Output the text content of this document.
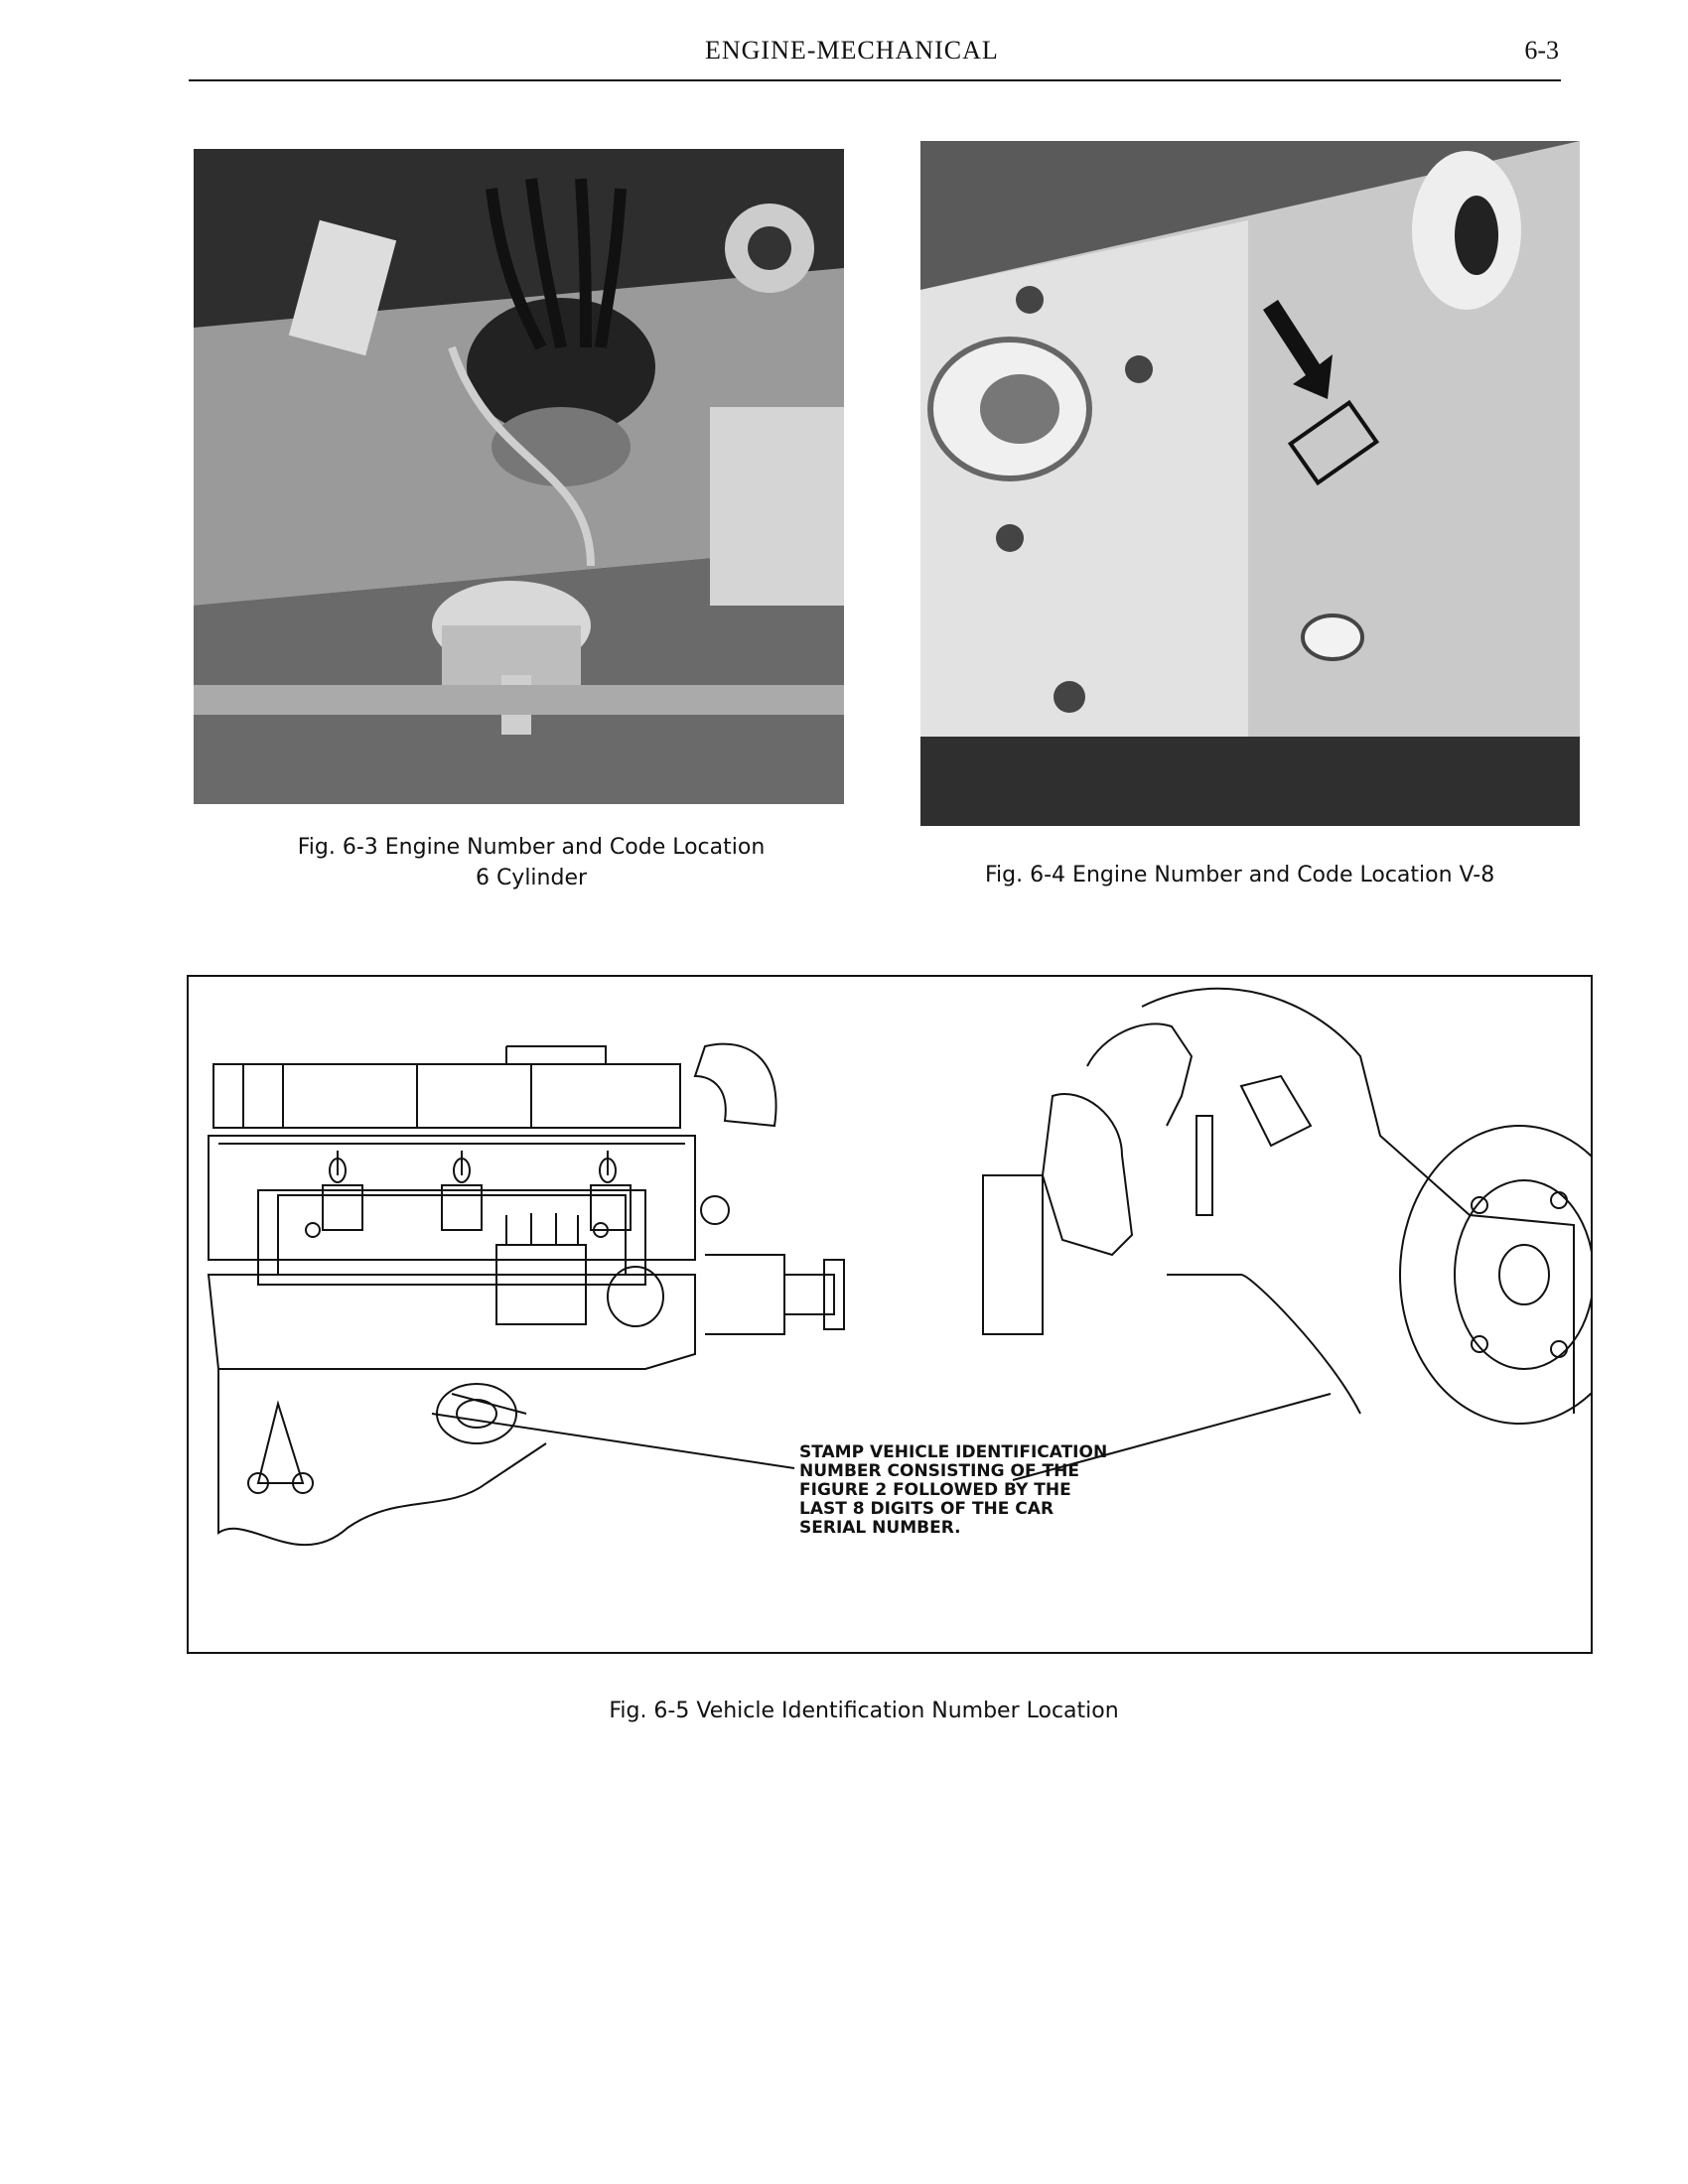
ENGINE-MECHANICAL	6-3
Fig. 6-3 Engine Number and Code Location
6 Cylinder	Fig. 6-4 Engine Number and Code Location V-8
STAMP VEHICLE IDENTIFICATION
NUMBER CONSISTING OF THE
FIGURE 2 FOLLOWED BY THE
LAST 8 DIGITS OF THE CAR
SERIAL NUMBER.
Fig. 6-5 Vehicle Identification Number Location
